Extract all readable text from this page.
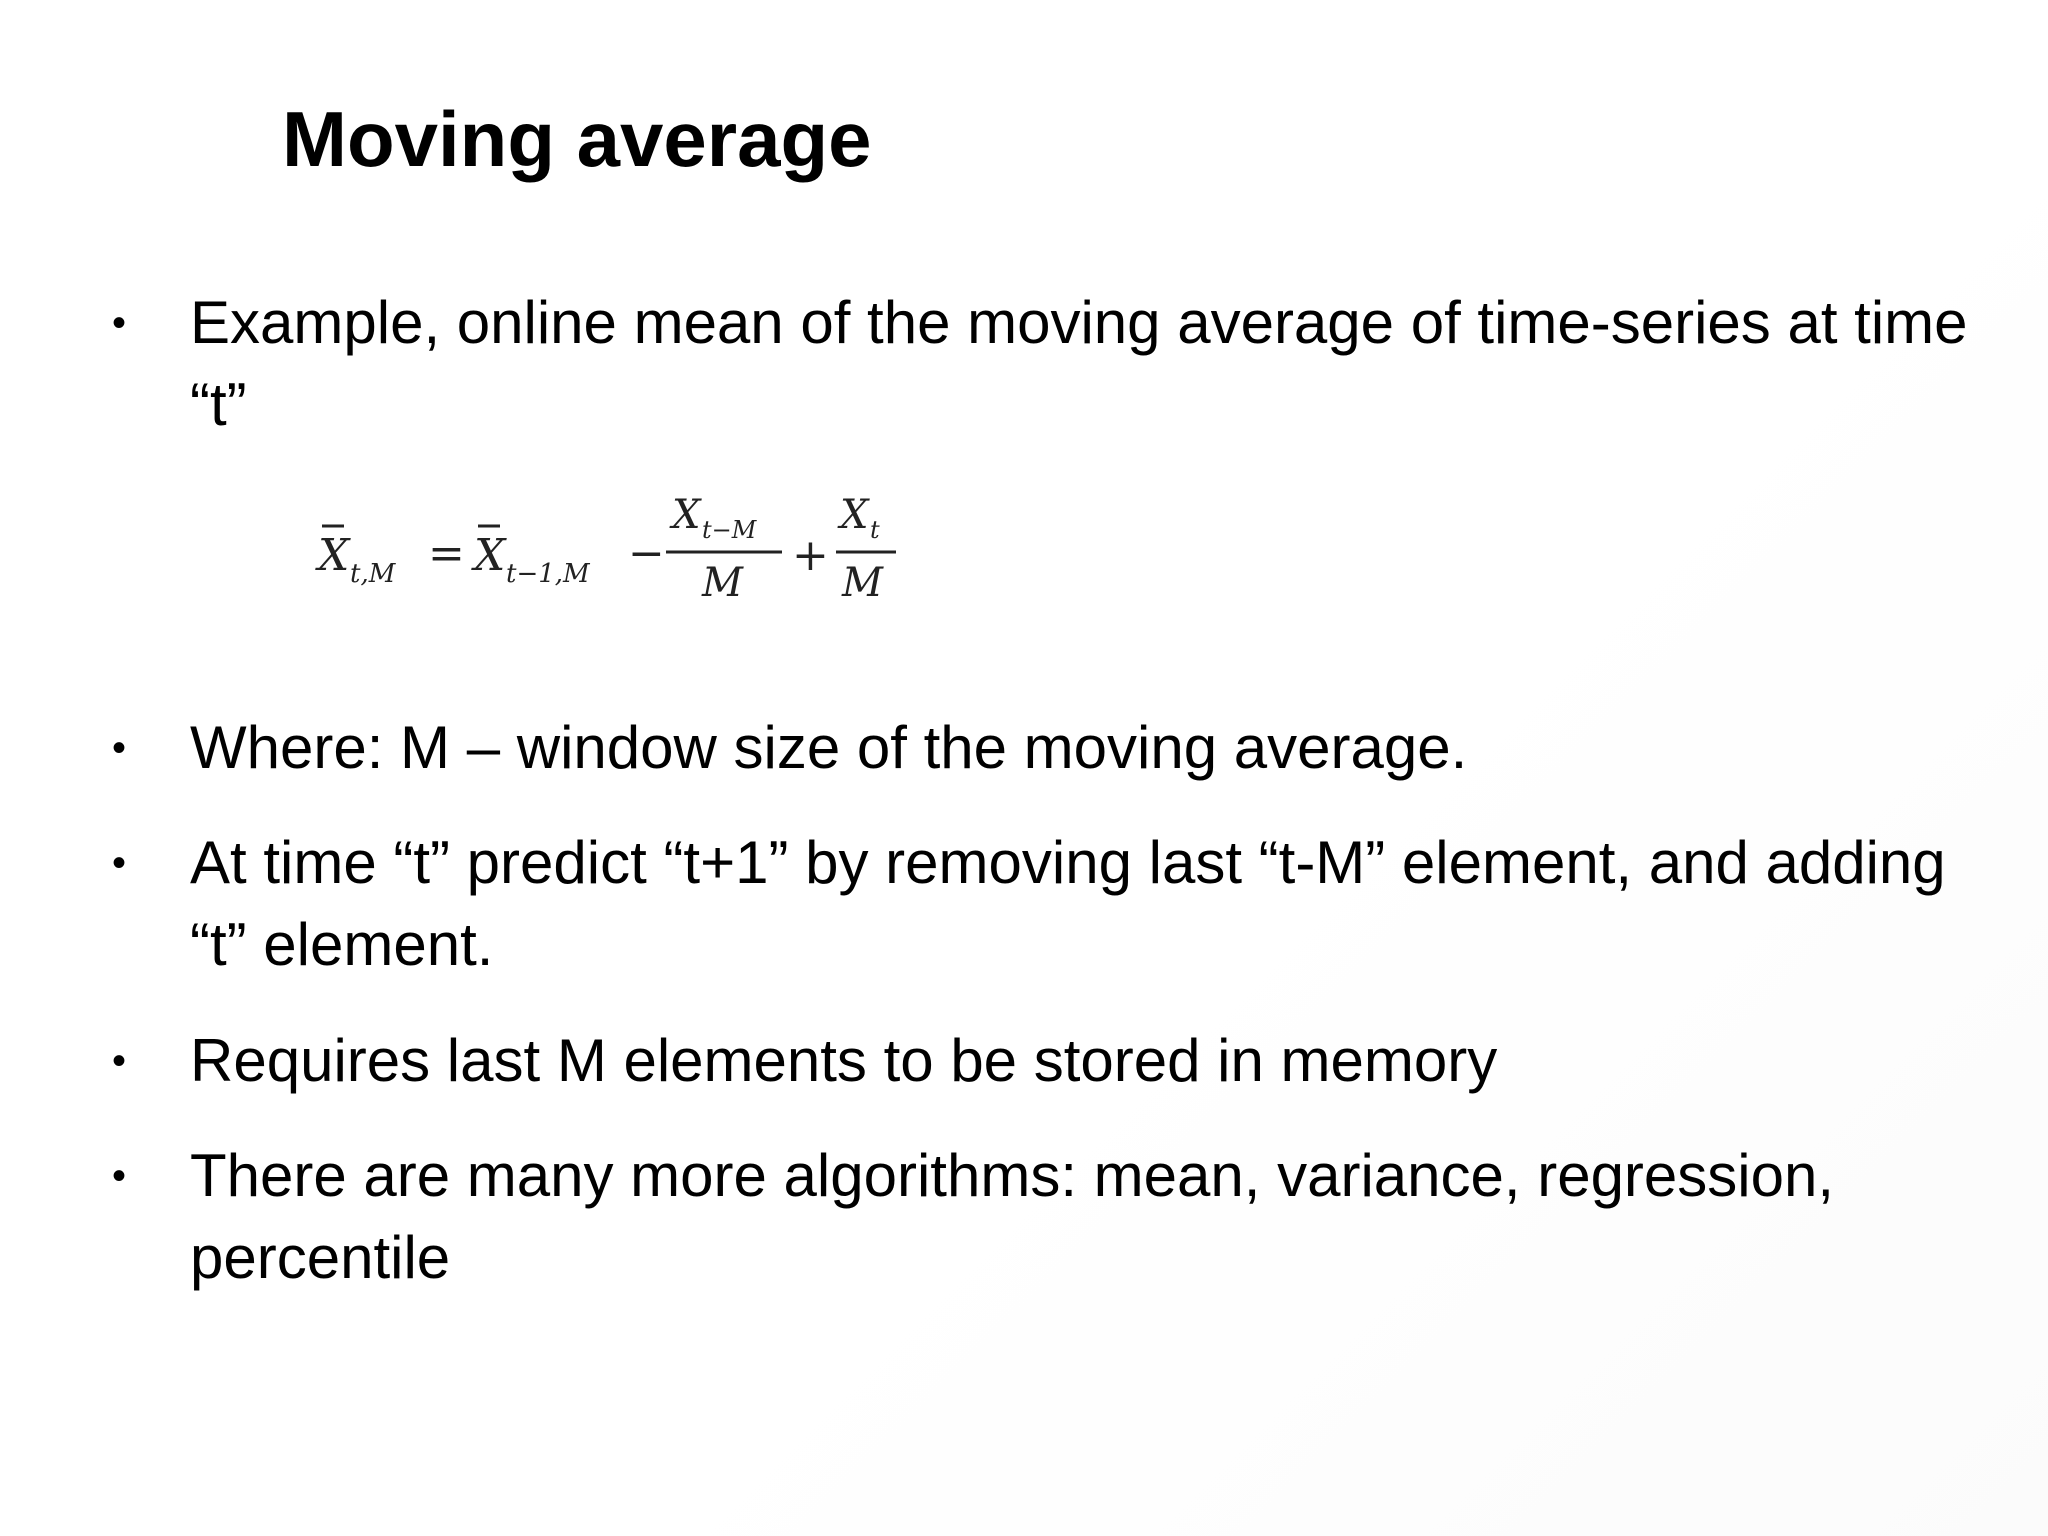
Moving average
• Example, online mean of the moving average of time-series at time “t”
X t,M = X t−1,M −
X t−M
M
+
X t
M
• Where: M – window size of the moving average.
• At time “t” predict “t+1” by removing last “t-M” element, and adding “t” element.
• Requires last M elements to be stored in memory
• There are many more algorithms: mean, variance, regression, percentile
